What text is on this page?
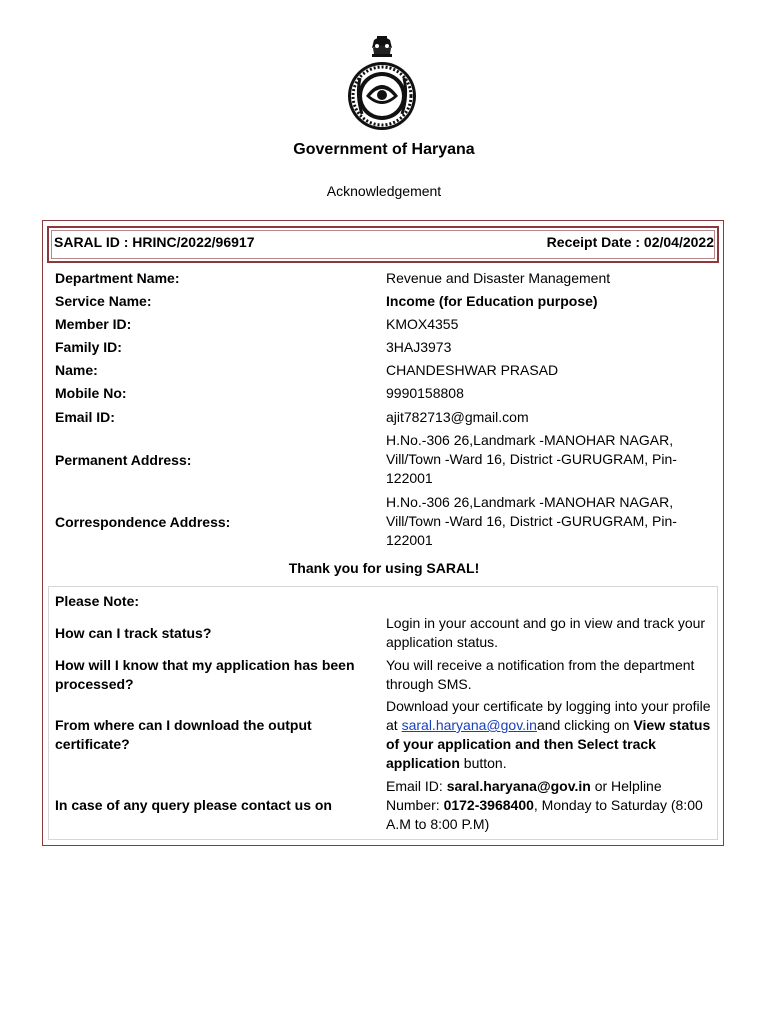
Government of Haryana
Acknowledgement
SARAL ID : HRINC/2022/96917	Receipt Date : 02/04/2022
Department Name:	Revenue and Disaster Management
Service Name:	Income (for Education purpose)
Member ID:	KMOX4355
Family ID:	3HAJ3973
Name:	CHANDESHWAR PRASAD
Mobile No:	9990158808
Email ID:	ajit782713@gmail.com
Permanent Address:
H.No.-306 26,Landmark -MANOHAR NAGAR, Vill/Town -Ward 16, District -GURUGRAM, Pin-122001
Correspondence Address:
H.No.-306 26,Landmark -MANOHAR NAGAR, Vill/Town -Ward 16, District -GURUGRAM, Pin-122001
Thank you for using SARAL!
Please Note:
How can I track status?
Login in your account and go in view and track your application status.
How will I know that my application has been processed?
You will receive a notification from the department through SMS.
From where can I download the output certificate?
Download your certificate by logging into your profile at saral.haryana@gov.inand clicking on View status of your application and then Select track application button.
In case of any query please contact us on
Email ID: saral.haryana@gov.in or Helpline Number: 0172-3968400, Monday to Saturday (8:00 A.M to 8:00 P.M)
